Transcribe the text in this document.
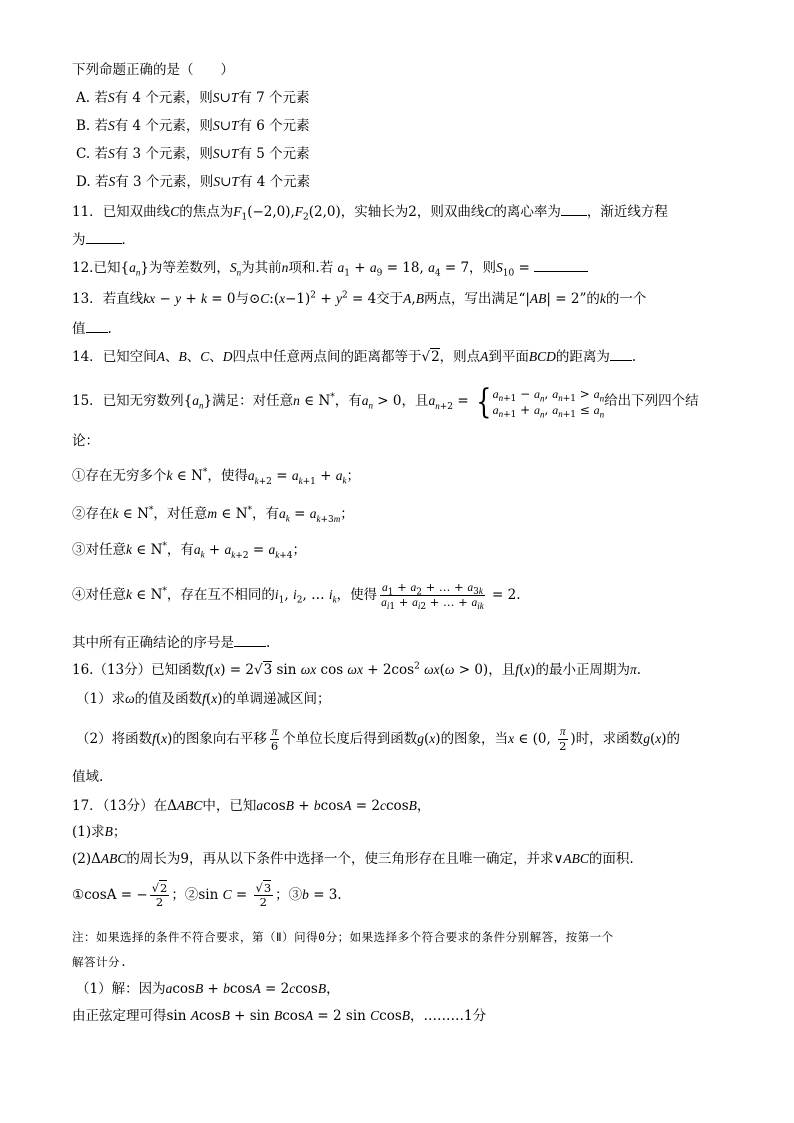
下列命题正确的是（　　）
A. 若S有 4 个元素，则S∪T有 7 个元素
B. 若S有 4 个元素，则S∪T有 6 个元素
C. 若S有 3 个元素，则S∪T有 5 个元素
D. 若S有 3 个元素，则S∪T有 4 个元素
11．已知双曲线C的焦点为$F_1(-2,0),F_2(2,0)$，实轴长为2，则双曲线C的离心率为 ，渐近线方程
为	．
12.已知$\{a_n\}$为等差数列，$S_n$为其前n项和.若 $a_1 + a_9 = 18$, $a_4 = 7$，则$S_{10}$ =
13．若直线kx − y + k = 0与$⊙C:(x-1)^2 + y^2 = 4$交于A,B两点，写出满足“|AB| = 2”的k的一个
值 .
14．已知空间A、B、C、D四点中任意两点间的距离都等于√2，则点A到平面BCD的距离为 .
15．已知无穷数列$\{a_n\}$满足：对任意n ∈ N*，有$a_n > 0$，且$a_{n+2}$ = { $a_{n+1} - a_n$, $a_{n+1} > a_n$
$a_{n+1} + a_n$, $a_{n+1} \le a_n$
给出下列四个结
论：
①存在无穷多个k ∈ N*，使得$a_{k+2} = a_{k+1} + a_k$；
②存在k ∈ N*，对任意m ∈ N*，有$a_k = a_{k+3m}$；
③对任意k ∈ N*，有$a_k + a_{k+2} = a_{k+4}$；
④对任意k ∈ N*，存在互不相同的$i_1$, $i_2$, … $i_k$，使得 $\frac{a_1 + a_2 + \dots + a_{3k}}{a_{i1} + a_{i2} + \dots + a_{ik}} = 2$.
其中所有正确结论的序号是 .
16.（13分）已知函数f(x) = 2√3 sin ωx $\cos \omega x + 2\cos^2$ ωx(ω > 0)，且f(x)的最小正周期为π.
（1）求ω的值及函数f(x)的单调递减区间；
（2）将函数f(x)的图象向右平移 $\frac{\pi}{6}$ 个单位长度后得到函数g(x)的图象，当x ∈ (0, $\frac{\pi}{2}$ )时，求函数g(x)的
值域.
17．（13分）在ΔABC中，已知acosB + bcosA = 2ccosB，
(1)求B；
(2)ΔABC的周长为9，再从以下条件中选择一个，使三角形存在且唯一确定，并求∨ABC的面积.
①cosA = − $\frac{√2}{2}$ ；②sin $C = \frac{√3}{2}$ ；③b = 3.
注：如果选择的条件不符合要求，第（Ⅱ）问得0分；如果选择多个符合要求的条件分别解答，按第一个
解答计分.
（1）解：因为acosB + bcosA = 2ccosB，
由正弦定理可得sin AcosB + sin BcosA = 2 sin CcosB，………1分
